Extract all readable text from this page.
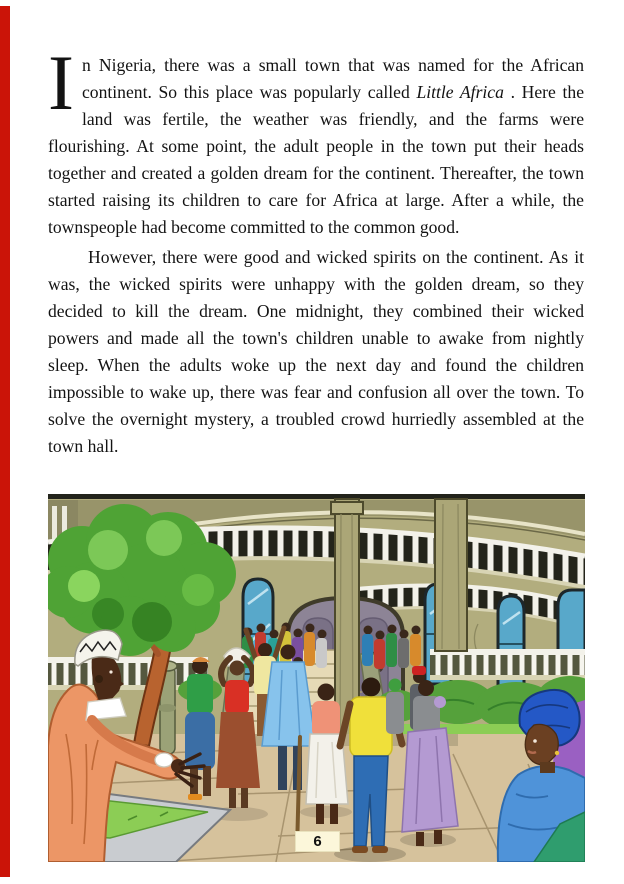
I n Nigeria, there was a small town that was named for the African continent. So this place was popularly called Little Africa . Here the land was fertile, the weather was friendly, and the farms were flourishing. At some point, the adult people in the town put their heads together and created a golden dream for the continent. Thereafter, the town started raising its children to care for Africa at large. After a while, the townspeople had become committed to the common good.

However, there were good and wicked spirits on the continent. As it was, the wicked spirits were unhappy with the golden dream, so they decided to kill the dream. One midnight, they combined their wicked powers and made all the town's children unable to awake from nightly sleep. When the adults woke up the next day and found the children impossible to wake up, there was fear and confusion all over the town. To solve the overnight mystery, a troubled crowd hurriedly assembled at the town hall.

6
